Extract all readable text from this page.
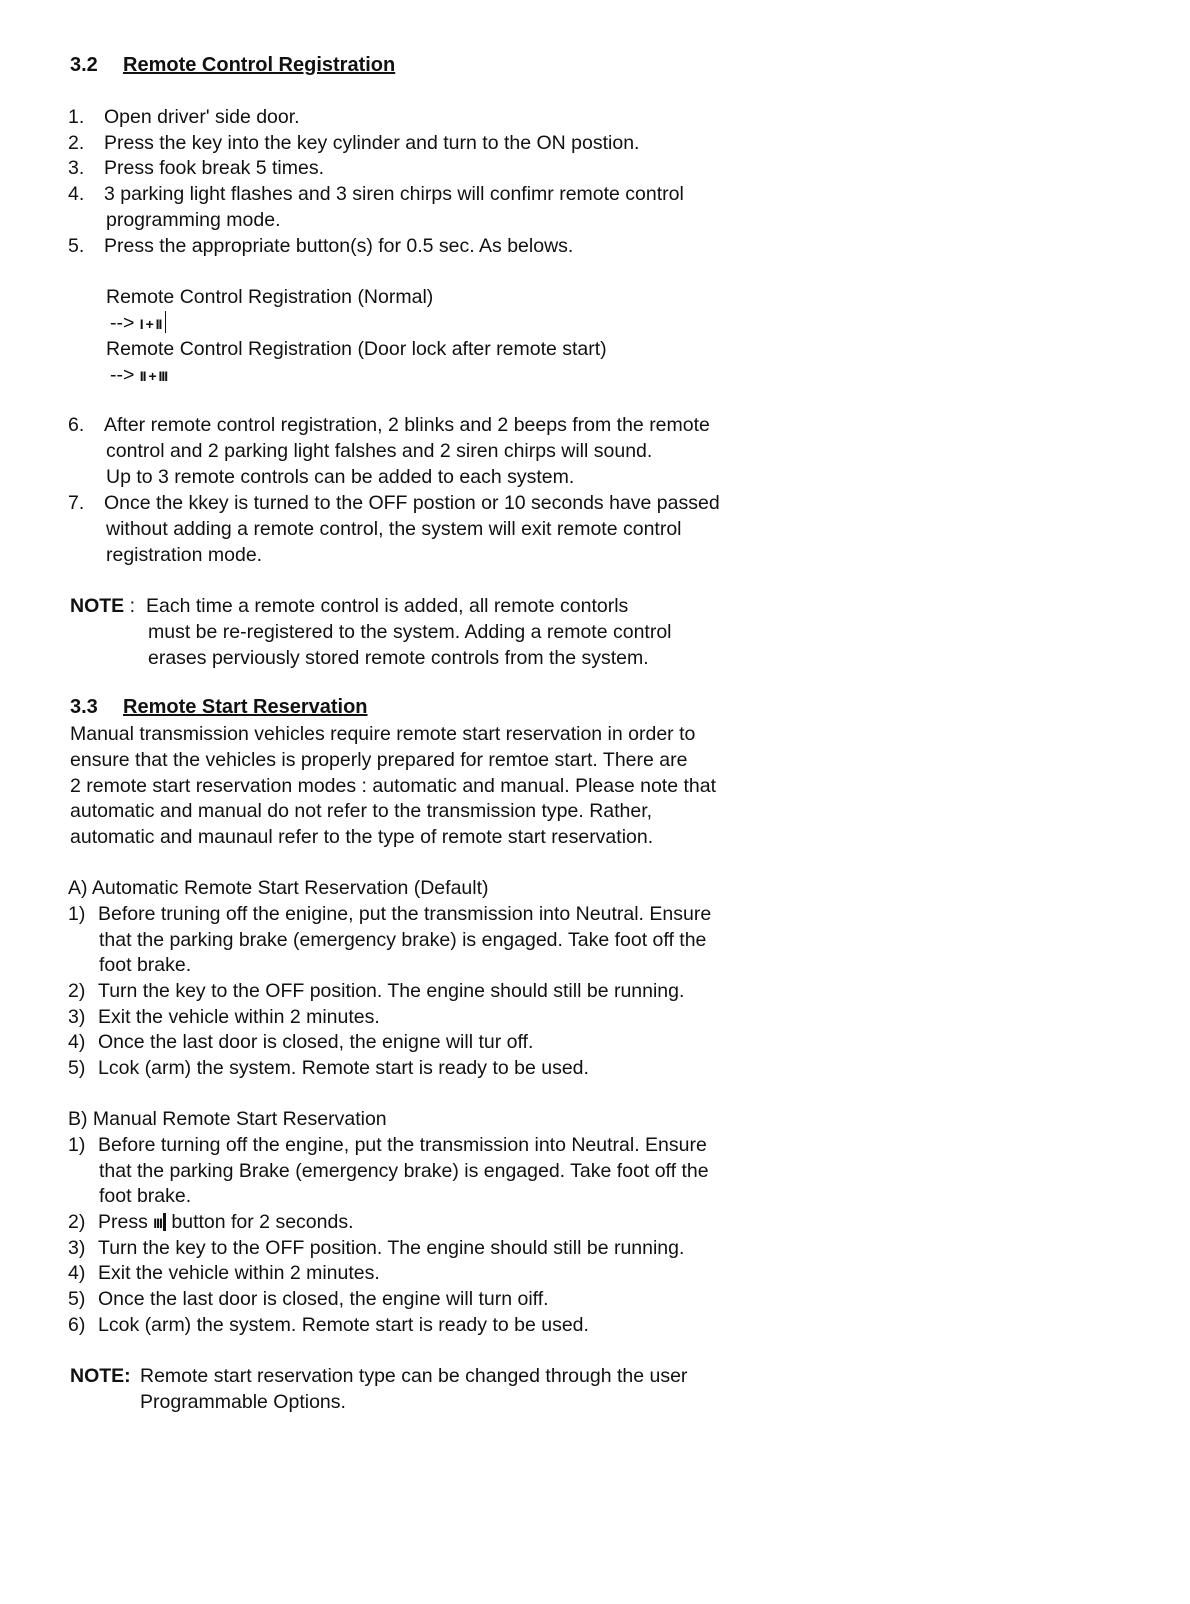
3.2 Remote Control Registration
1. Open driver' side door.
2. Press the key into the key cylinder and turn to the ON postion.
3. Press fook break 5 times.
4. 3 parking light flashes and 3 siren chirps will confimr remote control
programming mode.
5. Press the appropriate button(s) for 0.5 sec. As belows.
Remote Control Registration (Normal)
--> I + II
Remote Control Registration (Door lock after remote start)
--> II + III
6. After remote control registration, 2 blinks and 2 beeps from the remote
control and 2 parking light falshes and 2 siren chirps will sound.
Up to 3 remote controls can be added to each system.
7. Once the kkey is turned to the OFF postion or 10 seconds have passed
without adding a remote control, the system will exit remote control
registration mode.
NOTE : Each time a remote control is added, all remote contorls
must be re-registered to the system. Adding a remote control
erases perviously stored remote controls from the system.
3.3 Remote Start Reservation
Manual transmission vehicles require remote start reservation in order to
ensure that the vehicles is properly prepared for remtoe start. There are
2 remote start reservation modes : automatic and manual. Please note that
automatic and manual do not refer to the transmission type. Rather,
automatic and maunaul refer to the type of remote start reservation.
A) Automatic Remote Start Reservation (Default)
1) Before truning off the enigine, put the transmission into Neutral. Ensure
that the parking brake (emergency brake) is engaged. Take foot off the
foot brake.
2) Turn the key to the OFF position. The engine should still be running.
3) Exit the vehicle within 2 minutes.
4) Once the last door is closed, the enigne will tur off.
5) Lcok (arm) the system. Remote start is ready to be used.
B) Manual Remote Start Reservation
1) Before turning off the engine, put the transmission into Neutral. Ensure
that the parking Brake (emergency brake) is engaged. Take foot off the
foot brake.
2) Press III button for 2 seconds.
3) Turn the key to the OFF position. The engine should still be running.
4) Exit the vehicle within 2 minutes.
5) Once the last door is closed, the engine will turn oiff.
6) Lcok (arm) the system. Remote start is ready to be used.
NOTE: Remote start reservation type can be changed through the user
Programmable Options.
